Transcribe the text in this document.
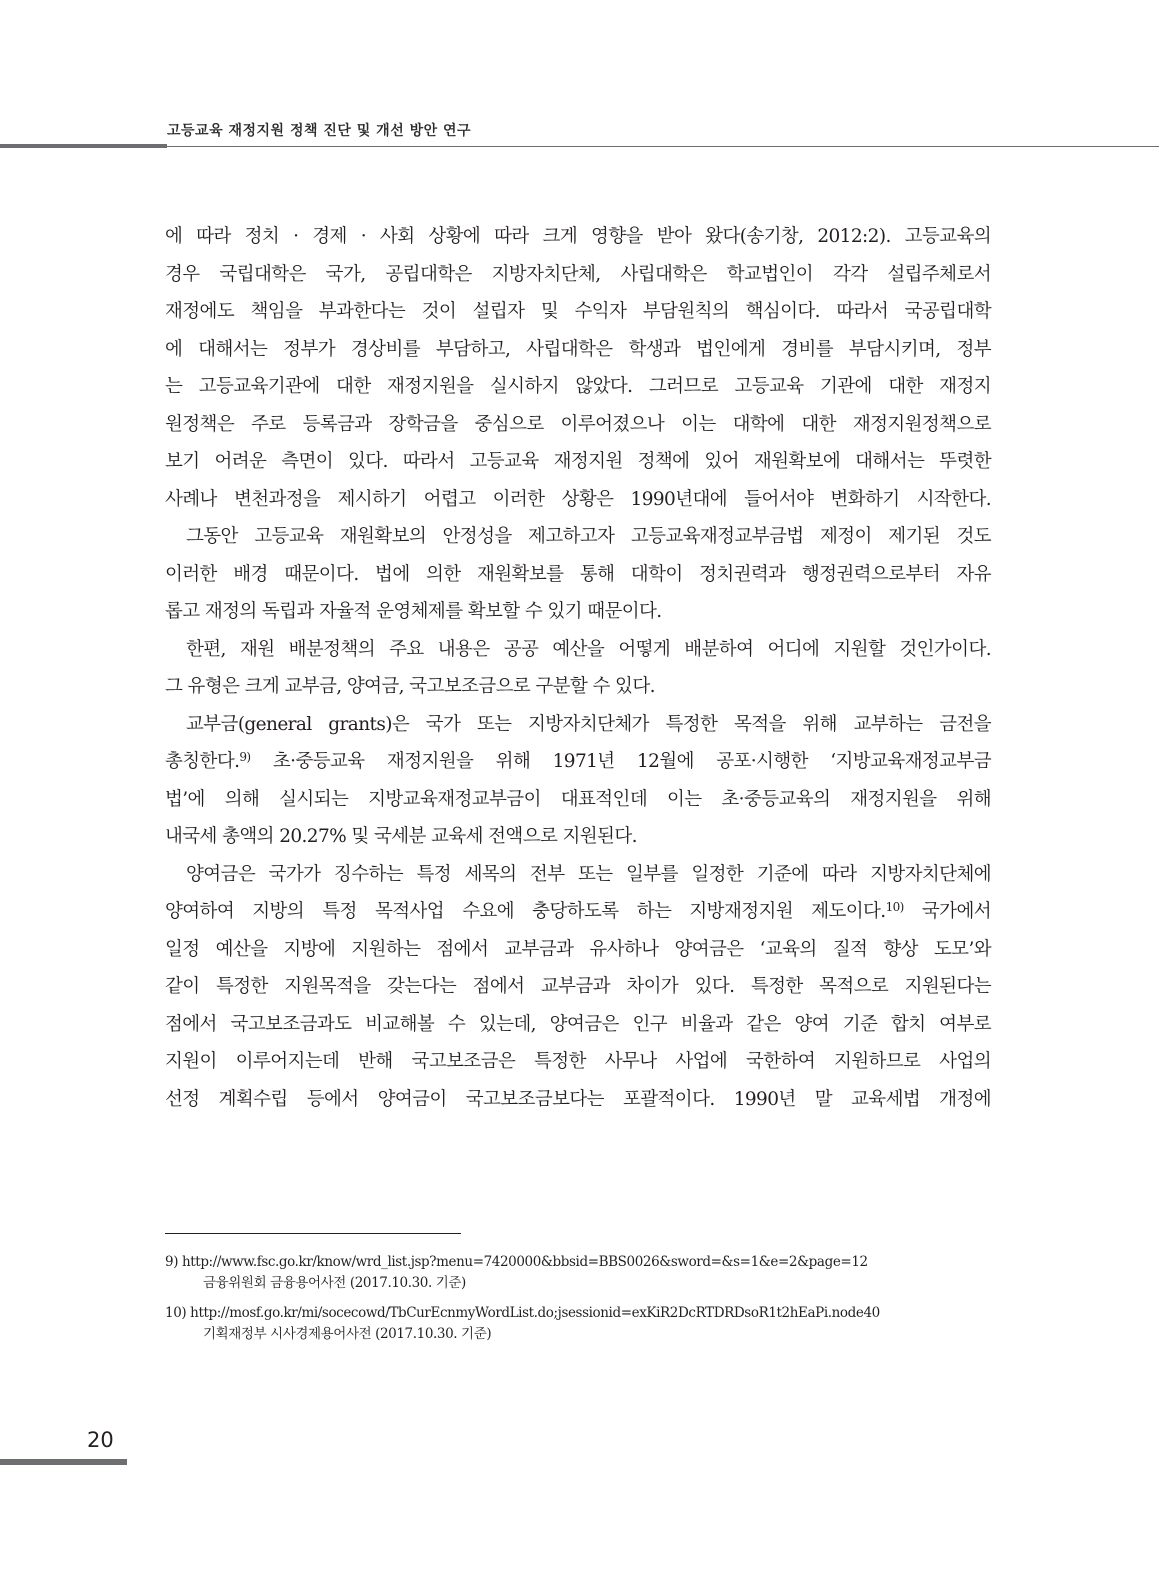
고등교육 재정지원 정책 진단 및 개선 방안 연구
에 따라 정치 · 경제 · 사회 상황에 따라 크게 영향을 받아 왔다(송기창, 2012:2). 고등교육의
경우 국립대학은 국가, 공립대학은 지방자치단체, 사립대학은 학교법인이 각각 설립주체로서
재정에도 책임을 부과한다는 것이 설립자 및 수익자 부담원칙의 핵심이다. 따라서 국공립대학
에 대해서는 정부가 경상비를 부담하고, 사립대학은 학생과 법인에게 경비를 부담시키며, 정부
는 고등교육기관에 대한 재정지원을 실시하지 않았다. 그러므로 고등교육 기관에 대한 재정지
원정책은 주로 등록금과 장학금을 중심으로 이루어졌으나 이는 대학에 대한 재정지원정책으로
보기 어려운 측면이 있다. 따라서 고등교육 재정지원 정책에 있어 재원확보에 대해서는 뚜렷한
사례나 변천과정을 제시하기 어렵고 이러한 상황은 1990년대에 들어서야 변화하기 시작한다.
그동안 고등교육 재원확보의 안정성을 제고하고자 고등교육재정교부금법 제정이 제기된 것도
이러한 배경 때문이다. 법에 의한 재원확보를 통해 대학이 정치권력과 행정권력으로부터 자유
롭고 재정의 독립과 자율적 운영체제를 확보할 수 있기 때문이다.
한편, 재원 배분정책의 주요 내용은 공공 예산을 어떻게 배분하여 어디에 지원할 것인가이다.
그 유형은 크게 교부금, 양여금, 국고보조금으로 구분할 수 있다.
교부금(general grants)은 국가 또는 지방자치단체가 특정한 목적을 위해 교부하는 금전을
총칭한다.$^{9)}$ 초·중등교육 재정지원을 위해 1971년 12월에 공포·시행한 ‘지방교육재정교부금
법’에 의해 실시되는 지방교육재정교부금이 대표적인데 이는 초·중등교육의 재정지원을 위해
내국세 총액의 20.27% 및 국세분 교육세 전액으로 지원된다.
양여금은 국가가 징수하는 특정 세목의 전부 또는 일부를 일정한 기준에 따라 지방자치단체에
양여하여 지방의 특정 목적사업 수요에 충당하도록 하는 지방재정지원 제도이다.$^{10)}$ 국가에서
일정 예산을 지방에 지원하는 점에서 교부금과 유사하나 양여금은 ‘교육의 질적 향상 도모’와
같이 특정한 지원목적을 갖는다는 점에서 교부금과 차이가 있다. 특정한 목적으로 지원된다는
점에서 국고보조금과도 비교해볼 수 있는데, 양여금은 인구 비율과 같은 양여 기준 합치 여부로
지원이 이루어지는데 반해 국고보조금은 특정한 사무나 사업에 국한하여 지원하므로 사업의
선정 계획수립 등에서 양여금이 국고보조금보다는 포괄적이다. 1990년 말 교육세법 개정에
9) http://www.fsc.go.kr/know/wrd_list.jsp?menu=7420000&bbsid=BBS0026&sword=&s=1&e=2&page=12
금융위원회 금융용어사전 (2017.10.30. 기준)
10) http://mosf.go.kr/mi/socecowd/TbCurEcnmyWordList.do;jsessionid=exKiR2DcRTDRDsoR1t2hEaPi.node40
기획재정부 시사경제용어사전 (2017.10.30. 기준)
20
